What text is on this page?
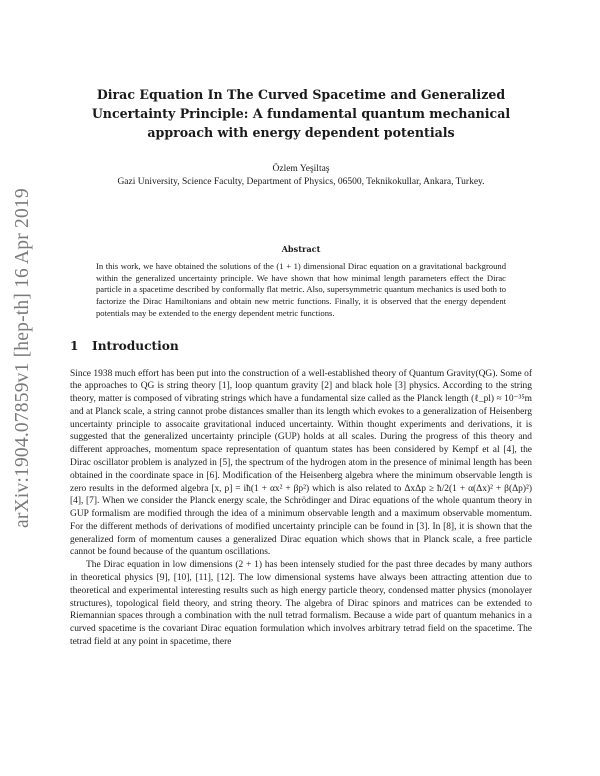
arXiv:1904.07859v1 [hep-th] 16 Apr 2019
Dirac Equation In The Curved Spacetime and Generalized Uncertainty Principle: A fundamental quantum mechanical approach with energy dependent potentials
Özlem Yeşiltaş
Gazi University, Science Faculty, Department of Physics, 06500, Teknikokullar, Ankara, Turkey.
Abstract

In this work, we have obtained the solutions of the (1 + 1) dimensional Dirac equation on a gravitational background within the generalized uncertainty principle. We have shown that how minimal length parameters effect the Dirac particle in a spacetime described by conformally flat metric. Also, supersymmetric quantum mechanics is used both to factorize the Dirac Hamiltonians and obtain new metric functions. Finally, it is observed that the energy dependent potentials may be extended to the energy dependent metric functions.

1 Introduction

Since 1938 much effort has been put into the construction of a well-established theory of Quantum Gravity(QG). Some of the approaches to QG is string theory [1], loop quantum gravity [2] and black hole [3] physics. According to the string theory, matter is composed of vibrating strings which have a fundamental size called as the Planck length (ℓ_pl) ≈ 10⁻³⁵m and at Planck scale, a string cannot probe distances smaller than its length which evokes to a generalization of Heisenberg uncertainty principle to assocaite gravitational induced uncertainty. Within thought experiments and derivations, it is suggested that the generalized uncertainty principle (GUP) holds at all scales. During the progress of this theory and different approaches, momentum space representation of quantum states has been considered by Kempf et al [4], the Dirac oscillator problem is analyzed in [5], the spectrum of the hydrogen atom in the presence of minimal length has been obtained in the coordinate space in [6]. Modification of the Heisenberg algebra where the minimum observable length is zero results in the deformed algebra [x, p] = iħ(1 + αx² + βp²) which is also related to ΔxΔp ≥ ħ/2(1 + α(Δx)² + β(Δp)²) [4], [7]. When we consider the Planck energy scale, the Schrödinger and Dirac equations of the whole quantum theory in GUP formalism are modified through the idea of a minimum observable length and a maximum observable momentum. For the different methods of derivations of modified uncertainty principle can be found in [3]. In [8], it is shown that the generalized form of momentum causes a generalized Dirac equation which shows that in Planck scale, a free particle cannot be found because of the quantum oscillations.

The Dirac equation in low dimensions (2 + 1) has been intensely studied for the past three decades by many authors in theoretical physics [9], [10], [11], [12]. The low dimensional systems have always been attracting attention due to theoretical and experimental interesting results such as high energy particle theory, condensed matter physics (monolayer structures), topological field theory, and string theory. The algebra of Dirac spinors and matrices can be extended to Riemannian spaces through a combination with the null tetrad formalism. Because a wide part of quantum mehanics in a curved spacetime is the covariant Dirac equation formulation which involves arbitrary tetrad field on the spacetime. The tetrad field at any point in spacetime, there
